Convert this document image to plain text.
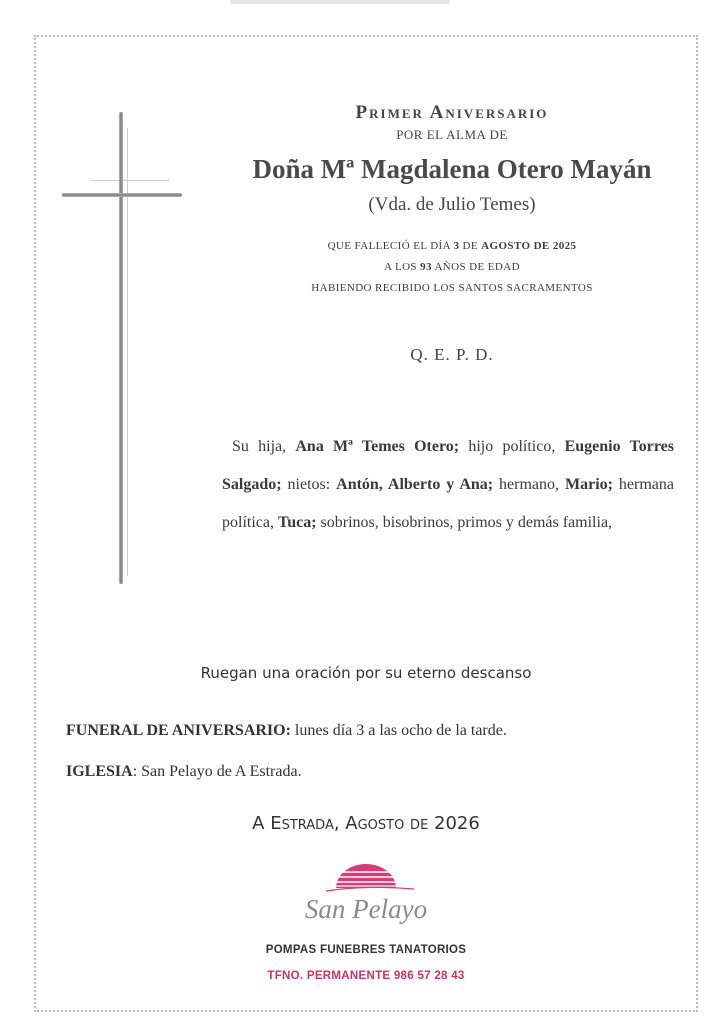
Primer Aniversario
POR EL ALMA DE
Doña Mª Magdalena Otero Mayán
(Vda. de Julio Temes)
QUE FALLECIÓ EL DÍA 3 DE AGOSTO DE 2025
A LOS 93 AÑOS DE EDAD
HABIENDO RECIBIDO LOS SANTOS SACRAMENTOS
Q. E. P. D.
Su hija, Ana Mª Temes Otero; hijo político, Eugenio Torres Salgado; nietos: Antón, Alberto y Ana; hermano, Mario; hermana política, Tuca; sobrinos, bisobrinos, primos y demás familia,
Ruegan una oración por su eterno descanso
FUNERAL DE ANIVERSARIO: lunes día 3 a las ocho de la tarde.
IGLESIA: San Pelayo de A Estrada.
A Estrada, Agosto de 2026
San Pelayo
POMPAS FUNEBRES TANATORIOS
TFNO. PERMANENTE 986 57 28 43
